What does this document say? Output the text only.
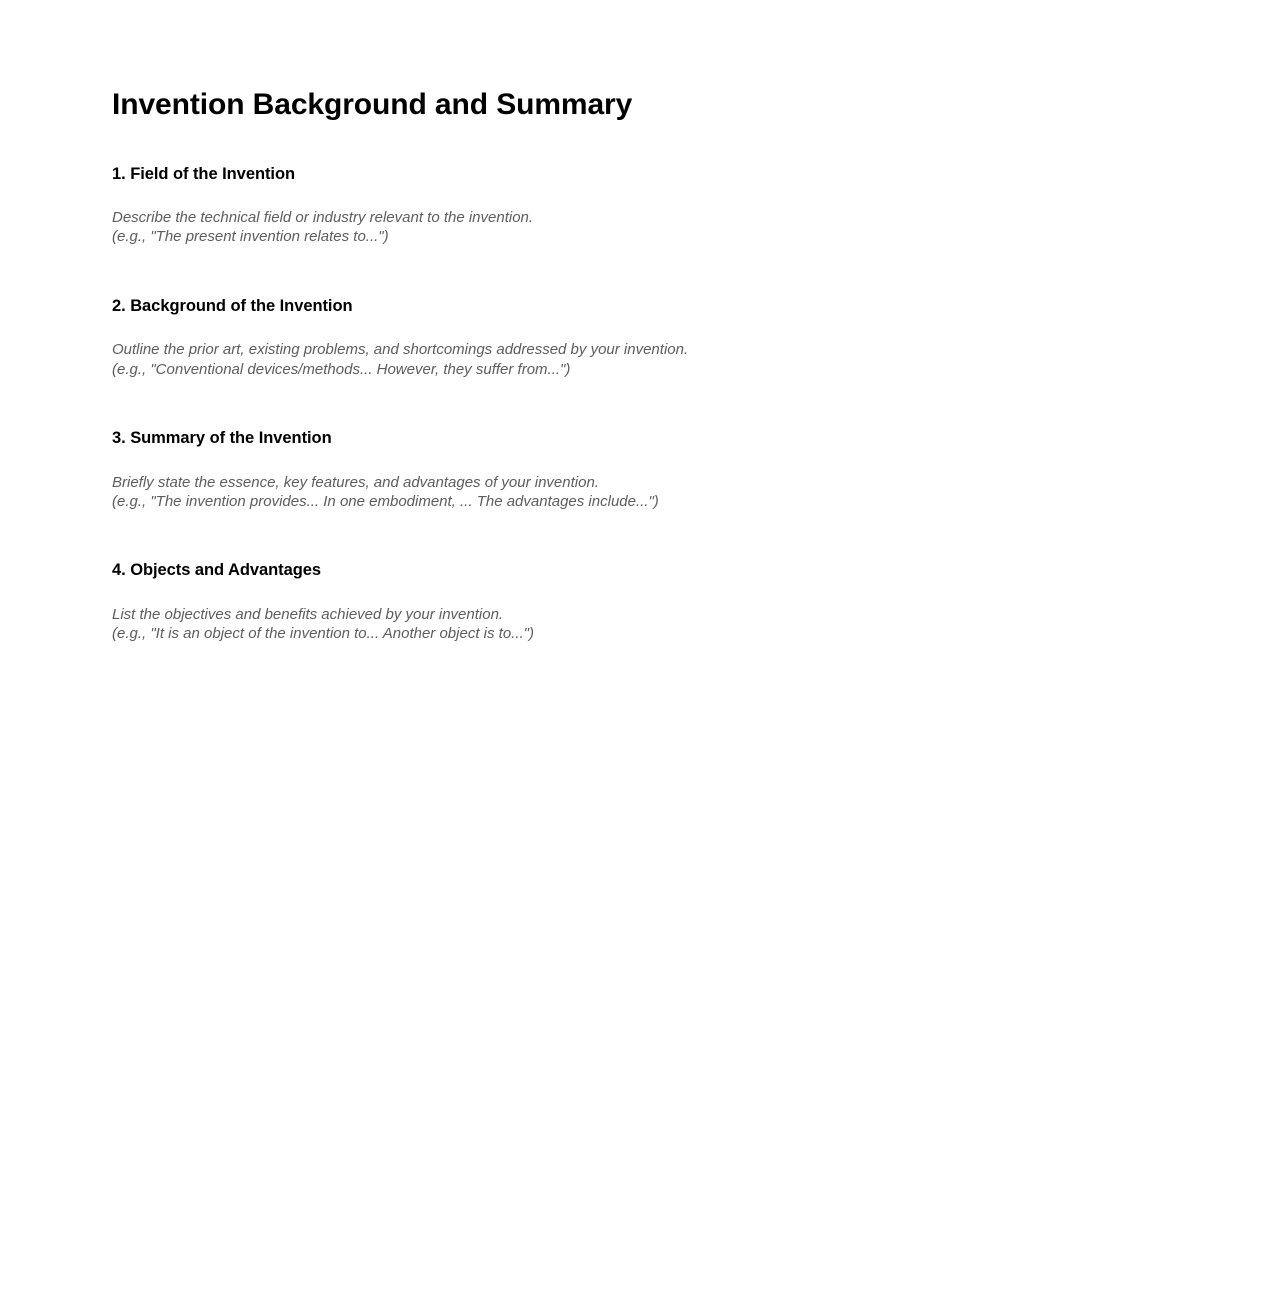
Invention Background and Summary
1. Field of the Invention

Describe the technical field or industry relevant to the invention.
(e.g., "The present invention relates to...")

2. Background of the Invention

Outline the prior art, existing problems, and shortcomings addressed by your invention.
(e.g., "Conventional devices/methods... However, they suffer from...")

3. Summary of the Invention

Briefly state the essence, key features, and advantages of your invention.
(e.g., "The invention provides... In one embodiment, ... The advantages include...")

4. Objects and Advantages

List the objectives and benefits achieved by your invention.
(e.g., "It is an object of the invention to... Another object is to...")
